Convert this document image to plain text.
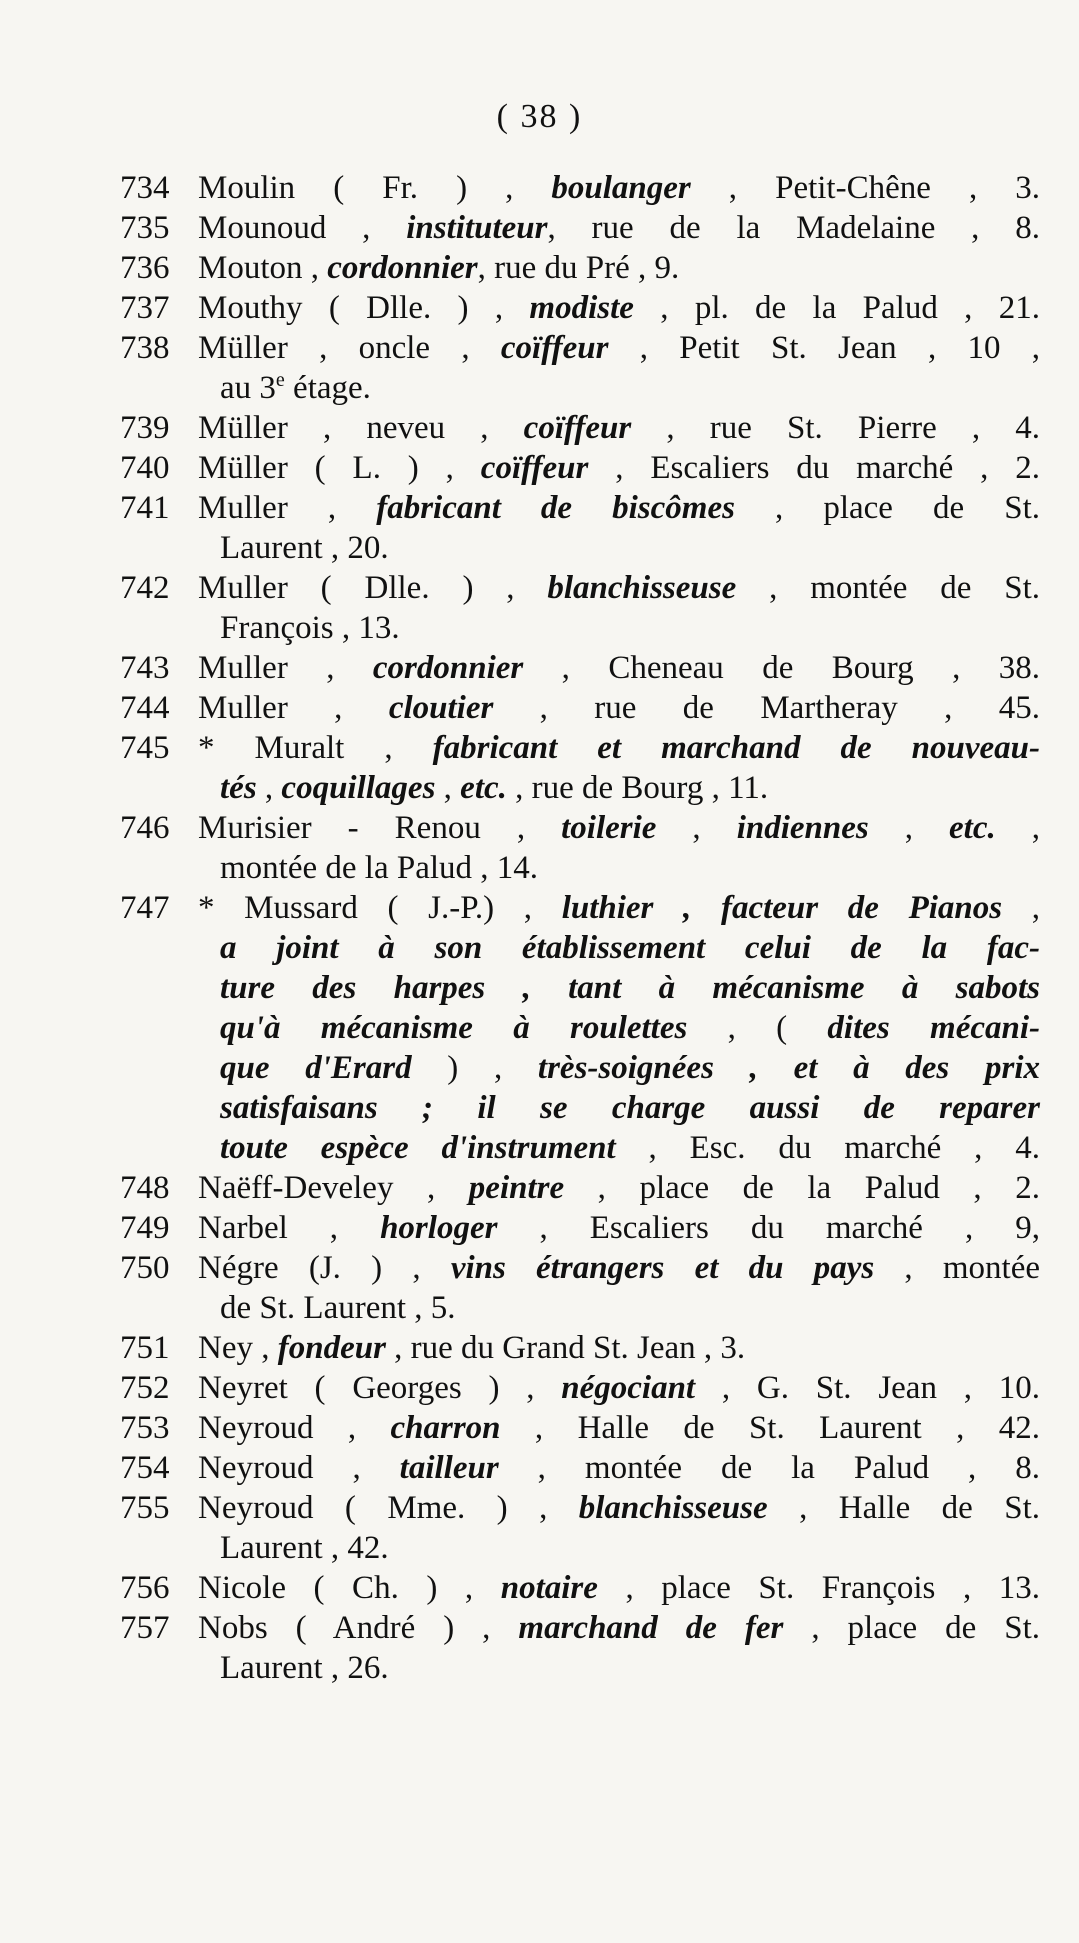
( 38 )
734 Moulin ( Fr. ) , boulanger , Petit-Chêne , 3.
735 Mounoud , instituteur, rue de la Madelaine , 8.
736 Mouton , cordonnier, rue du Pré , 9.
737 Mouthy ( Dlle. ) , modiste , pl. de la Palud , 21.
738 Müller , oncle , coïffeur , Petit St. Jean , 10 ,
au 3e étage.
739 Müller , neveu , coïffeur , rue St. Pierre , 4.
740 Müller ( L. ) , coïffeur , Escaliers du marché , 2.
741 Muller , fabricant de biscômes , place de St.
Laurent , 20.
742 Muller ( Dlle. ) , blanchisseuse , montée de St.
François , 13.
743 Muller , cordonnier , Cheneau de Bourg , 38.
744 Muller , cloutier , rue de Martheray , 45.
745 * Muralt , fabricant et marchand de nouveau-
tés , coquillages , etc. , rue de Bourg , 11.
746 Murisier - Renou , toilerie , indiennes , etc. ,
montée de la Palud , 14.
747 * Mussard ( J.-P.) , luthier , facteur de Pianos ,
a joint à son établissement celui de la fac-
ture des harpes , tant à mécanisme à sabots
qu'à mécanisme à roulettes , ( dites mécani-
que d'Erard ) , très-soignées , et à des prix
satisfaisans ; il se charge aussi de reparer
toute espèce d'instrument , Esc. du marché , 4.
748 Naëff-Develey , peintre , place de la Palud , 2.
749 Narbel , horloger , Escaliers du marché , 9,
750 Négre (J. ) , vins étrangers et du pays , montée
de St. Laurent , 5.
751 Ney , fondeur , rue du Grand St. Jean , 3.
752 Neyret ( Georges ) , négociant , G. St. Jean , 10.
753 Neyroud , charron , Halle de St. Laurent , 42.
754 Neyroud , tailleur , montée de la Palud , 8.
755 Neyroud ( Mme. ) , blanchisseuse , Halle de St.
Laurent , 42.
756 Nicole ( Ch. ) , notaire , place St. François , 13.
757 Nobs ( André ) , marchand de fer , place de St.
Laurent , 26.
